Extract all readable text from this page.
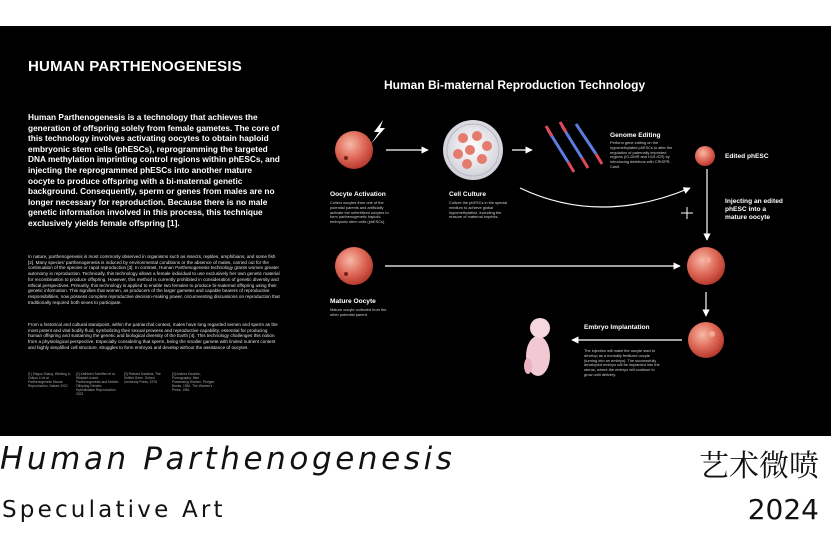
HUMAN PARTHENOGENESIS
Human Parthenogenesis is a technology that achieves the generation of offspring solely from female gametes. The core of this technology involves activating oocytes to obtain haploid embryonic stem cells (phESCs), reprogramming the targeted DNA methylation imprinting control regions within phESCs, and injecting the reprogrammed phESCs into another mature oocyte to produce offspring with a bi-maternal genetic background. Consequently, sperm or genes from males are no longer necessary for reproduction. Because there is no male genetic information involved in this process, this technique exclusively yields female offspring [1].
In nature, parthenogenesis is most commonly observed in organisms such as insects, reptiles, amphibians, and some fish [2]. Many species' parthenogenesis is induced by environmental conditions or the absence of males, carried out for the continuation of the species or rapid reproduction [3]. In contrast, Human Parthenogenesis technology grants women greater autonomy in reproduction. Technically, this technology allows a female individual to use exclusively her own genetic material for recombination to produce offspring. However, this method is currently prohibited in consideration of genetic diversity and ethical perspectives. Primarily, this technology is applied to enable two females to produce bi-maternal offspring using their genetic information. This signifies that women, as producers of the larger gametes and capable bearers of reproductive responsibilities, now possess complete reproductive decision-making power, circumventing discussions on reproduction that traditionally required both sexes to participate.
From a historical and cultural standpoint, within the patriarchal context, males have long regarded semen and sperm as the most potent and vital bodily fluid, symbolizing their sexual prowess and reproductive capability, essential for producing human offspring and sustaining the genetic and biological diversity of the Earth [4]. This technology challenges this notion from a physiological perspective. Especially considering that sperm, being the smaller gamete with limited nutrient content and highly simplified cell structure, struggles to form embryos and develop without the assistance of oocytes.
[1] Zhiguo Zhang, Wenting Li, Zhikun Li et al. Parthenogenetic Mouse Reproduction. Nature 2022
[2] Kathleen Scheffen et al. Whiptail Lizard: Parthenogenesis and Mother-Offspring Genetic Hybridization Reproduction 2023
[3] Richard Dawkins, The Selfish Gene. Oxford University Press, 1976
[4] Andrea Dworkin, Pornography: Men Possessing Women. Perigee Books, 1981. The Women's Press, 1981
Human Bi-maternal Reproduction Technology
Oocyte Activation
Collect oocytes from one of the potential parents and artificially activate the unfertilized oocytes to form parthenogenetic haploid embryonic stem cells (phESCs).
Cell Culture
Culture the phESCs in the special medium to achieve global hypomethylation, including the erasure of maternal imprints.
Genome Editing
Perform gene editing on the hypomethylated phESCs to alter the regulation of paternally imprinted regions (IG-DMR and H19-ICR) by introducing deletions with CRISPR-Cas9.
Edited phESC
Injecting an edited phESC into a mature oocyte
Mature Oocyte
Mature oocyte collected from the other potential parent.
Embryo Implantation
The injection will make the oocyte start to develop as a normally fertilized oocyte (turning into an embryo). The successfully developed embryo will be implanted into the uterus, where the embryo will continue to grow until delivery.
Human Parthenogenesis
Speculative Art
艺术微喷
2024
